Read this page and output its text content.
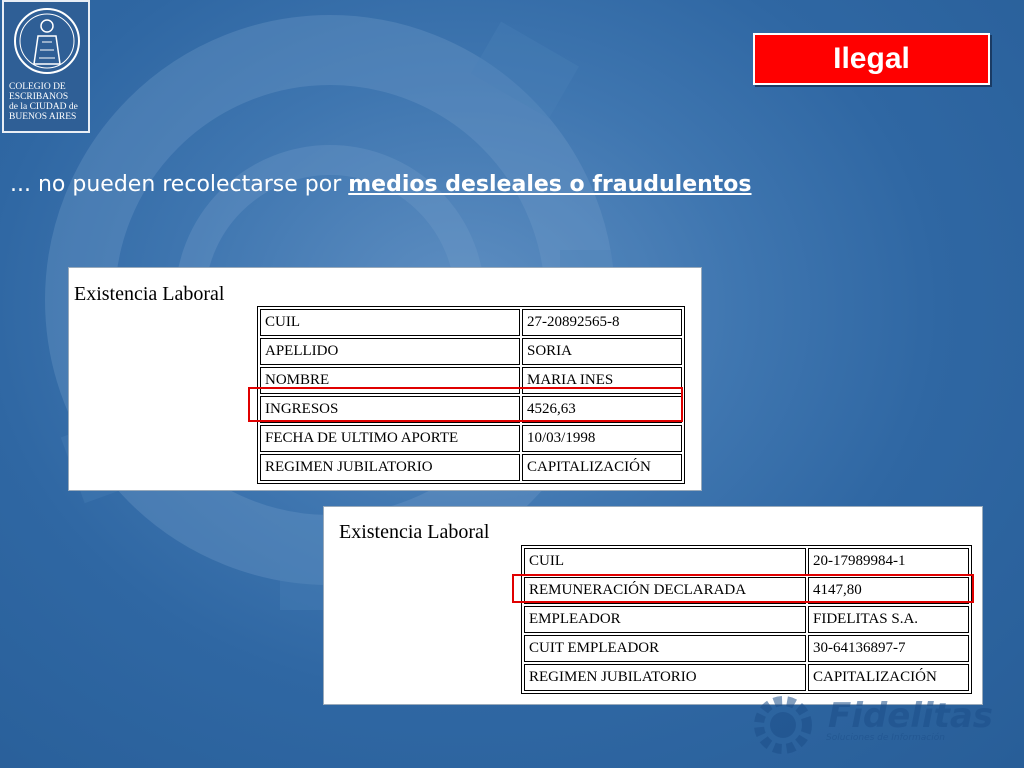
COLEGIO DE
ESCRIBANOS
de la CIUDAD de
BUENOS AIRES
Ilegal
... no pueden recolectarse por medios desleales o fraudulentos
Existencia Laboral
CUIL	27-20892565-8
APELLIDO	SORIA
NOMBRE	MARIA INES
INGRESOS	4526,63
FECHA DE ULTIMO APORTE	10/03/1998
REGIMEN JUBILATORIO	CAPITALIZACIÓN
Existencia Laboral
CUIL	20-17989984-1
REMUNERACIÓN DECLARADA	4147,80
EMPLEADOR	FIDELITAS S.A.
CUIT EMPLEADOR	30-64136897-7
REGIMEN JUBILATORIO	CAPITALIZACIÓN
Fidelitas
Soluciones de Información
